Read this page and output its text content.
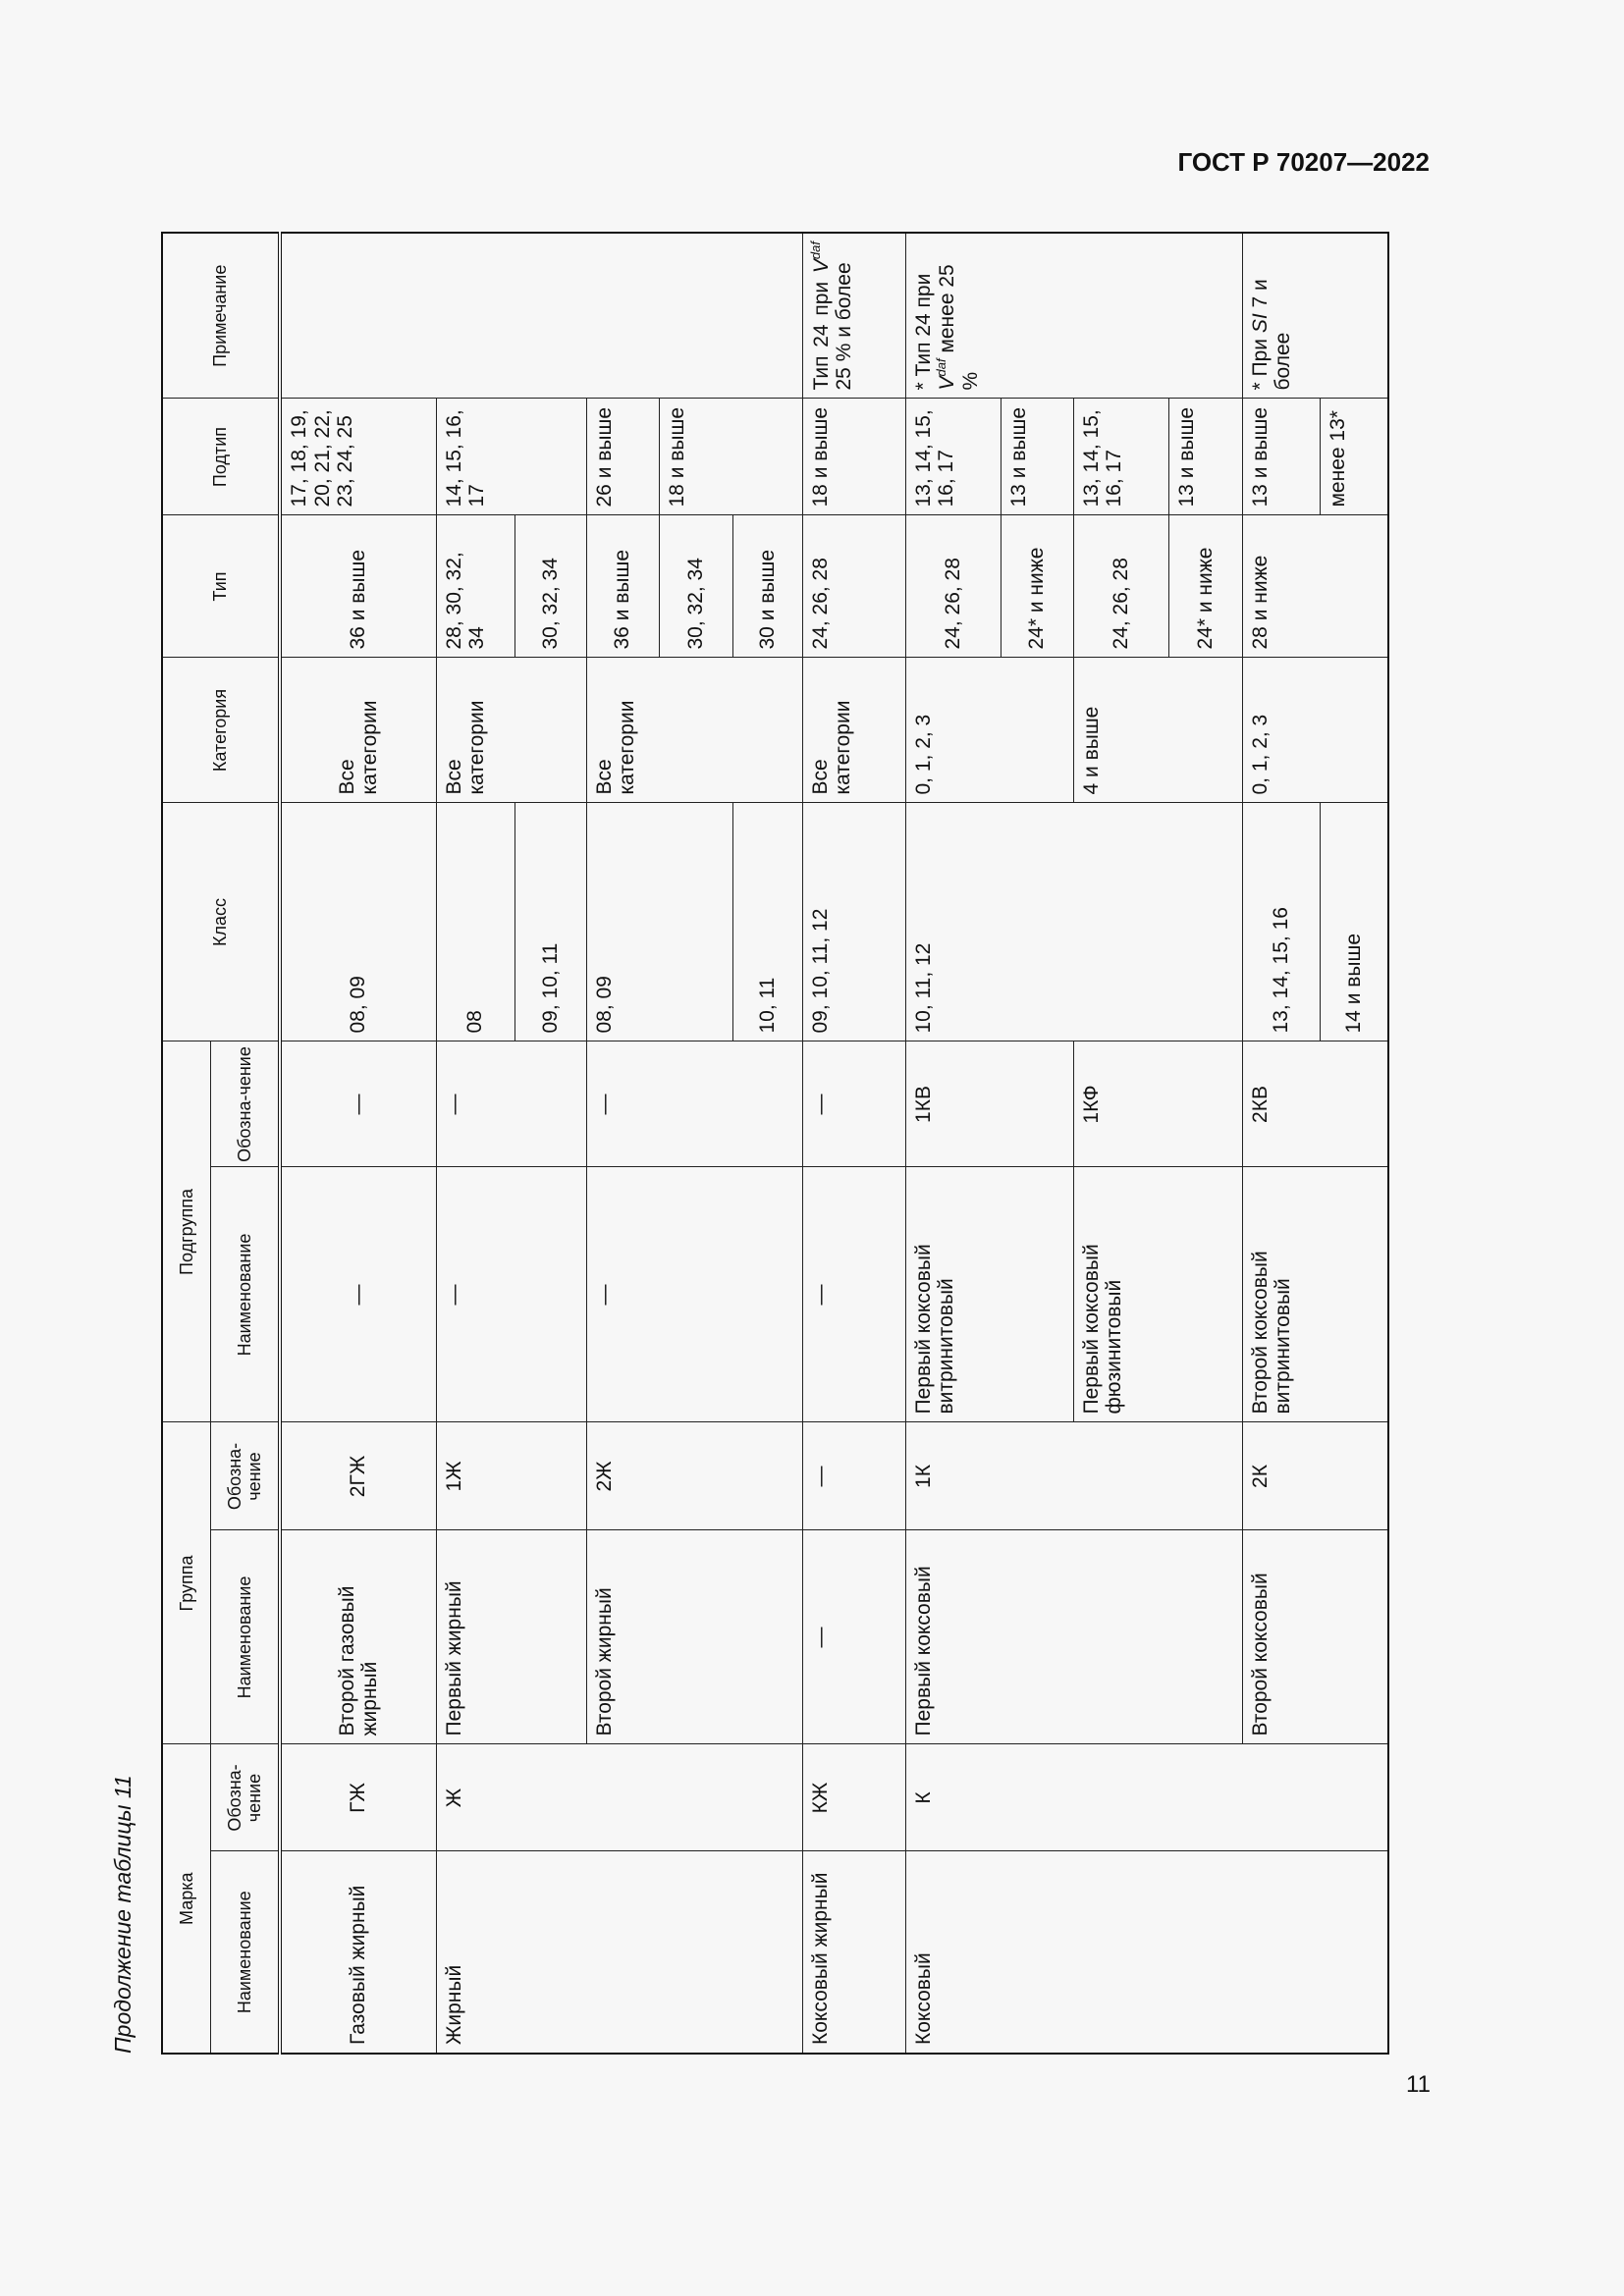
ГОСТ Р 70207—2022
Продолжение таблицы 11
11
Марка		Группа		Подгруппа		Класс	Категория	Тип	Подтип	Примечание
Наименование	Обозна-чение	Наименование	Обозна-чение	Наименование	Обозна-чение					
Газовый жирный	ГЖ	Второй газовый жирный	2ГЖ	—	—	08, 09	Все категории	36 и выше	17, 18, 19, 20, 21, 22, 23, 24, 25	
Жирный	Ж	Первый жирный	1Ж	—	—	08	Все категории	28, 30, 32, 34	14, 15, 16, 17	
						09, 10, 11		30, 32, 34		
		Второй жирный	2Ж	—	—	08, 09	Все категории	36 и выше	26 и выше	
								30, 32, 34	18 и выше	
						10, 11		30 и выше		
Коксовый жирный	КЖ	—	—	—	—	09, 10, 11, 12	Все категории	24, 26, 28	18 и выше	Тип 24 при $V^{daf}$ 25 % и более
Коксовый	К	Первый коксовый	1К	Первый коксовый витринитовый	1КВ	10, 11, 12	0, 1, 2, 3	24, 26, 28	13, 14, 15, 16, 17	* Тип 24 при $V^{daf}$ менее 25 %
								24* и ниже	13 и выше	
				Первый коксовый фюзинитовый	1КФ		4 и выше	24, 26, 28	13, 14, 15, 16, 17	
								24* и ниже	13 и выше	
		Второй коксовый	2К	Второй коксовый витринитовый	2КВ	13, 14, 15, 16	0, 1, 2, 3	28 и ниже	13 и выше	* При SI 7 и более
						14 и выше			менее 13*	
